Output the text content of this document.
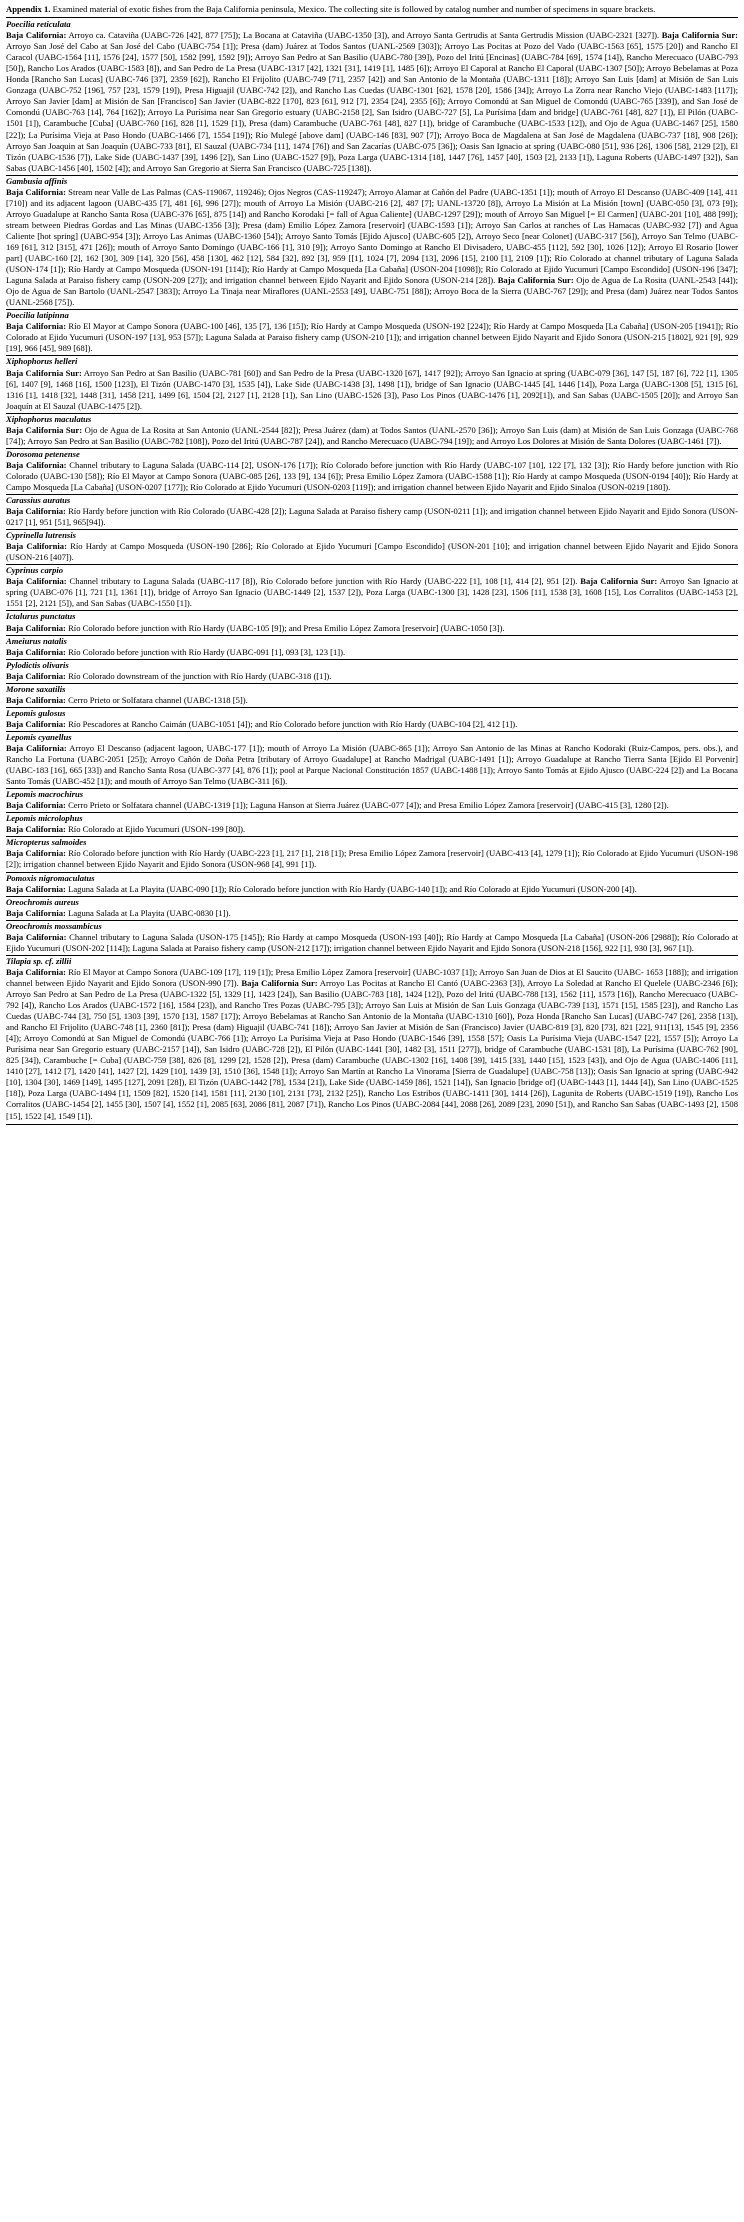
Appendix 1. Examined material of exotic fishes from the Baja California peninsula, Mexico. The collecting site is followed by catalog number and number of specimens in square brackets.

Poecilia reticulata
Baja California: Arroyo ca. Cataviña (UABC-726 [42], 877 [75]); La Bocana at Cataviña (UABC-1350 [3]), and Arroyo Santa Gertrudis at Santa Gertrudis Mission (UABC-2321 [327]). Baja California Sur: Arroyo San José del Cabo at San José del Cabo (UABC-754 [1]); Presa (dam) Juárez at Todos Santos (UANL-2569 [303]); Arroyo Las Pocitas at Pozo del Vado (UABC-1563 [65], 1575 [20]) and Rancho El Caracol (UABC-1564 [11], 1576 [24], 1577 [50], 1582 [99], 1592 [9]); Arroyo San Pedro at San Basilio (UABC-780 [39]), Pozo del Iritú [Encinas] (UABC-784 [69], 1574 [14]), Rancho Merecuaco (UABC-793 [50]), Rancho Los Arados (UABC-1583 [8]), and San Pedro de La Presa (UABC-1317 [42], 1321 [31], 1419 [1], 1485 [6]); Arroyo El Caporal at Rancho El Caporal (UABC-1307 [50]); Arroyo Bebelamas at Poza Honda [Rancho San Lucas] (UABC-746 [37], 2359 [62]), Rancho El Frijolito (UABC-749 [71], 2357 [42]) and San Antonio de la Montaña (UABC-1311 [18]); Arroyo San Luis [dam] at Misión de San Luis Gonzaga (UABC-752 [196], 757 [23], 1579 [19]), Presa Higuajil (UABC-742 [2]), and Rancho Las Cuedas (UABC-1301 [62], 1578 [20], 1586 [34]); Arroyo La Zorra near Rancho Viejo (UABC-1483 [117]); Arroyo San Javier [dam] at Misión de San [Francisco] San Javier (UABC-822 [170], 823 [61], 912 [7], 2354 [24], 2355 [6]); Arroyo Comondú at San Miguel de Comondú (UABC-765 [339]), and San José de Comondú (UABC-763 [14], 764 [162]); Arroyo La Purísima near San Gregorio estuary (UABC-2158 [2], San Isidro (UABC-727 [5], La Purísima [dam and bridge] (UABC-761 [48], 827 [1]), El Pilón (UABC-1501 [1]), Carambuche [Cuba] (UABC-760 [16], 828 [1], 1529 [1]), Presa (dam) Carambuche (UABC-761 [48], 827 [1]), bridge of Carambuche (UABC-1533 [12]), and Ojo de Agua (UABC-1467 [25], 1580 [22]); La Purísima Vieja at Paso Hondo (UABC-1466 [7], 1554 [19]); Río Mulegé [above dam] (UABC-146 [83], 907 [7]); Arroyo Boca de Magdalena at San José de Magdalena (UABC-737 [18], 908 [26]); Arroyo San Joaquin at San Joaquín (UABC-733 [81], El Sauzal (UABC-734 [11], 1474 [76]) and San Zacarías (UABC-075 [36]); Oasis San Ignacio at spring (UABC-080 [51], 936 [26], 1306 [58], 2129 [2]), El Tizón (UABC-1536 [7]), Lake Side (UABC-1437 [39], 1496 [2]), San Lino (UABC-1527 [9]), Poza Larga (UABC-1314 [18], 1447 [76], 1457 [40], 1503 [2], 2133 [1]), Laguna Roberts (UABC-1497 [32]), San Sabas (UABC-1456 [40], 1502 [4]); and Arroyo San Gregorio at Sierra San Francisco (UABC-725 [138]).
Gambusia affinis
Baja California: Stream near Valle de Las Palmas (CAS-119067, 119246); Ojos Negros (CAS-119247); Arroyo Alamar at Cañón del Padre (UABC-1351 [1]); mouth of Arroyo El Descanso (UABC-409 [14], 411 [710]) and its adjacent lagoon (UABC-435 [7], 481 [6], 996 [27]); mouth of Arroyo La Misión (UABC-216 [2], 487 [7]; UANL-13720 [8]), Arroyo La Misión at La Misión [town] (UABC-050 [3], 073 [9]); Arroyo Guadalupe at Rancho Santa Rosa (UABC-376 [65], 875 [14]) and Rancho Korodaki [= fall of Agua Caliente] (UABC-1297 [29]); mouth of Arroyo San Miguel [= El Carmen] (UABC-201 [10], 488 [99]); stream between Piedras Gordas and Las Minas (UABC-1356 [3]); Presa (dam) Emilio López Zamora [reservoir] (UABC-1593 [1]); Arroyo San Carlos at ranches of Las Hamacas (UABC-932 [7]) and Agua Caliente [hot spring] (UABC-954 [3]); Arroyo Las Animas (UABC-1360 [54]); Arroyo Santo Tomás [Ejido Ajusco] (UABC-605 [2]), Arroyo Seco [near Colonet] (UABC-317 [56]), Arroyo San Telmo (UABC-169 [61], 312 [315], 471 [26]); mouth of Arroyo Santo Domingo (UABC-166 [1], 310 [9]); Arroyo Santo Domingo at Rancho El Divisadero, UABC-455 [112], 592 [30], 1026 [12]); Arroyo El Rosario [lower part] (UABC-160 [2], 162 [30], 309 [14], 320 [56], 458 [130], 462 [12], 584 [32], 892 [3], 959 [[1], 1024 [7], 2094 [13], 2096 [15], 2100 [1], 2109 [1]); Río Colorado at channel tributary of Laguna Salada (USON-174 [1]); Río Hardy at Campo Mosqueda (USON-191 [114]); Río Hardy at Campo Mosqueda [La Cabaña] (USON-204 [1098]); Río Colorado at Ejido Yucumuri [Campo Escondido] (USON-196 [347]; Laguna Salada at Paraiso fishery camp (USON-209 [27]); and irrigation channel between Ejido Nayarit and Ejido Sonora (USON-214 [28]). Baja California Sur: Ojo de Agua de La Rosita (UANL-2543 [44]); Ojo de Agua de San Bartolo (UANL-2547 [383]); Arroyo La Tinaja near Miraflores (UANL-2553 [49], UABC-751 [88]); Arroyo Boca de la Sierra (UABC-767 [29]); and Presa (dam) Juárez near Todos Santos (UANL-2568 [75]).
Poecilia latipinna
Baja California: Río El Mayor at Campo Sonora (UABC-100 [46], 135 [7], 136 [15]); Río Hardy at Campo Mosqueda (USON-192 [224]); Río Hardy at Campo Mosqueda [La Cabaña] (USON-205 [1941]); Río Colorado at Ejido Yucumuri (USON-197 [13], 953 [57]); Laguna Salada at Paraiso fishery camp (USON-210 [1]); and irrigation channel between Ejido Nayarit and Ejido Sonora (USON-215 [1802], 921 [9], 929 [19], 966 [45], 989 [68]).
Xiphophorus helleri
Baja California Sur: Arroyo San Pedro at San Basilio (UABC-781 [60]) and San Pedro de la Presa (UABC-1320 [67], 1417 [92]); Arroyo San Ignacio at spring (UABC-079 [36], 147 [5], 187 [6], 722 [1], 1305 [6], 1407 [9], 1468 [16], 1500 [123]), El Tizón (UABC-1470 [3], 1535 [4]), Lake Side (UABC-1438 [3], 1498 [1]), bridge of San Ignacio (UABC-1445 [4], 1446 [14]), Poza Larga (UABC-1308 [5], 1315 [6], 1316 [1], 1418 [32], 1448 [31], 1458 [21], 1499 [6], 1504 [2], 2127 [1], 2128 [1]), San Lino (UABC-1526 [3]), Paso Los Pinos (UABC-1476 [1], 2092[1]), and San Sabas (UABC-1505 [20]); and Arroyo San Joaquín at El Sauzal (UABC-1475 [2]).
Xiphophorus maculatus
Baja California Sur: Ojo de Agua de La Rosita at San Antonio (UANL-2544 [82]); Presa Juárez (dam) at Todos Santos (UANL-2570 [36]); Arroyo San Luis (dam) at Misión de San Luis Gonzaga (UABC-768 [74]); Arroyo San Pedro at San Basilio (UABC-782 [108]), Pozo del Iritú (UABC-787 [24]), and Rancho Merecuaco (UABC-794 [19]); and Arroyo Los Dolores at Misión de Santa Dolores (UABC-1461 [7]).
Dorosoma petenense
Baja California: Channel tributary to Laguna Salada (UABC-114 [2], USON-176 [17]); Río Colorado before junction with Río Hardy (UABC-107 [10], 122 [7], 132 [3]); Río Hardy before junction with Río Colorado (UABC-130 [58]); Río El Mayor at Campo Sonora (UABC-085 [26], 133 [9], 134 [6]); Presa Emilio López Zamora (UABC-1588 [1]); Río Hardy at campo Mosqueda (USON-0194 [40]); Río Hardy at Campo Mosqueda [La Cabaña] (USON-0207 [177]); Río Colorado at Ejido Yucumuri (USON-0203 [119]); and irrigation channel between Ejido Nayarit and Ejido Sinaloa (USON-0219 [180]).
Carassius auratus
Baja California: Río Hardy before junction with Río Colorado (UABC-428 [2]); Laguna Salada at Paraiso fishery camp (USON-0211 [1]); and irrigation channel between Ejido Nayarit and Ejido Sonora (USON-0217 [1], 951 [51], 965[94]).
Cyprinella lutrensis
Baja California: Río Hardy at Campo Mosqueda (USON-190 [286]; Río Colorado at Ejido Yucumuri [Campo Escondido] (USON-201 [10]; and irrigation channel between Ejido Nayarit and Ejido Sonora (USON-216 [407]).
Cyprinus carpio
Baja California: Channel tributary to Laguna Salada (UABC-117 [8]), Río Colorado before junction with Río Hardy (UABC-222 [1], 108 [1], 414 [2], 951 [2]). Baja California Sur: Arroyo San Ignacio at spring (UABC-076 [1], 721 [1], 1361 [1]), bridge of Arroyo San Ignacio (UABC-1449 [2], 1537 [2]), Poza Larga (UABC-1300 [3], 1428 [23], 1506 [11], 1538 [3], 1608 [15], Los Corralitos (UABC-1453 [2], 1551 [2], 2121 [5]), and San Sabas (UABC-1550 [1]).
Ictalurus punctatus
Baja California: Río Colorado before junction with Río Hardy (UABC-105 [9]); and Presa Emilio López Zamora [reservoir] (UABC-1050 [3]).
Ameiurus natalis
Baja California: Río Colorado before junction with Río Hardy (UABC-091 [1], 093 [3], 123 [1]).
Pylodictis olivaris
Baja California: Río Colorado downstream of the junction with Río Hardy (UABC-318 ([1]).
Morone saxatilis
Baja California: Cerro Prieto or Solfatara channel (UABC-1318 [5]).
Lepomis gulosus
Baja California: Río Pescadores at Rancho Caimán (UABC-1051 [4]); and Río Colorado before junction with Río Hardy (UABC-104 [2], 412 [1]).
Lepomis cyanellus
Baja California: Arroyo El Descanso (adjacent lagoon, UABC-177 [1]); mouth of Arroyo La Misión (UABC-865 [1]); Arroyo San Antonio de las Minas at Rancho Kodoraki (Ruiz-Campos, pers. obs.), and Rancho La Fortuna (UABC-2051 [25]); Arroyo Cañón de Doña Petra [tributary of Arroyo Guadalupe] at Rancho Madrigal (UABC-1491 [1]); Arroyo Guadalupe at Rancho Tierra Santa [Ejido El Porvenir] (UABC-183 [16], 665 [33]) and Rancho Santa Rosa (UABC-377 [4], 876 [1]); pool at Parque Nacional Constitución 1857 (UABC-1488 [1]); Arroyo Santo Tomás at Ejido Ajusco (UABC-224 [2]) and La Bocana Santo Tomás (UABC-452 [1]); and mouth of Arroyo San Telmo (UABC-311 [6]).
Lepomis macrochirus
Baja California: Cerro Prieto or Solfatara channel (UABC-1319 [1]); Laguna Hanson at Sierra Juárez (UABC-077 [4]); and Presa Emilio López Zamora [reservoir] (UABC-415 [3], 1280 [2]).
Lepomis microlophus
Baja California: Río Colorado at Ejido Yucumuri (USON-199 [80]).
Micropterus salmoides
Baja California: Río Colorado before junction with Río Hardy (UABC-223 [1], 217 [1], 218 [1]); Presa Emilio López Zamora [reservoir] (UABC-413 [4], 1279 [1]); Río Colorado at Ejido Yucumuri (USON-198 [2]); irrigation channel between Ejido Nayarit and Ejido Sonora (USON-968 [4], 991 [1]).
Pomoxis nigromaculatus
Baja California: Laguna Salada at La Playita (UABC-090 [1]); Río Colorado before junction with Río Hardy (UABC-140 [1]); and Río Colorado at Ejido Yucumuri (USON-200 [4]).
Oreochromis aureus
Baja California: Laguna Salada at La Playita (UABC-0830 [1]).
Oreochromis mossambicus
Baja California: Channel tributary to Laguna Salada (USON-175 [145]); Río Hardy at campo Mosqueda (USON-193 [40]); Río Hardy at Campo Mosqueda [La Cabaña] (USON-206 [2988]); Río Colorado at Ejido Yucumuri (USON-202 [114]); Laguna Salada at Paraiso fishery camp (USON-212 [17]); irrigation channel between Ejido Nayarit and Ejido Sonora (USON-218 [156], 922 [1], 930 [3], 967 [1]).
Tilapia sp. cf. zillii
Baja California: Río El Mayor at Campo Sonora (UABC-109 [17], 119 [1]); Presa Emilio López Zamora [reservoir] (UABC-1037 [1]); Arroyo San Juan de Dios at El Saucito (UABC- 1653 [188]); and irrigation channel between Ejido Nayarit and Ejido Sonora (USON-990 [7]). Baja California Sur: Arroyo Las Pocitas at Rancho El Cantó (UABC-2363 [3]), Arroyo La Soledad at Rancho El Quelele (UABC-2346 [6]); Arroyo San Pedro at San Pedro de La Presa (UABC-1322 [5], 1329 [1], 1423 [24]), San Basilio (UABC-783 [18], 1424 [12]), Pozo del Iritú (UABC-788 [13], 1562 [11], 1573 [16]), Rancho Merecuaco (UABC-792 [4]), Rancho Los Arados (UABC-1572 [16], 1584 [23]), and Rancho Tres Pozas (UABC-795 [3]); Arroyo San Luis at Misión de San Luis Gonzaga (UABC-739 [13], 1571 [15], 1585 [23]), and Rancho Las Cuedas (UABC-744 [3], 750 [5], 1303 [39], 1570 [13], 1587 [17]); Arroyo Bebelamas at Rancho San Antonio de la Montaña (UABC-1310 [60]), Poza Honda [Rancho San Lucas] (UABC-747 [26], 2358 [13]), and Rancho El Frijolito (UABC-748 [1], 2360 [81]); Presa (dam) Higuajil (UABC-741 [18]); Arroyo San Javier at Misión de San (Francisco) Javier (UABC-819 [3], 820 [73], 821 [22], 911[13], 1545 [9], 2356 [4]); Arroyo Comondú at San Miguel de Comondú (UABC-766 [1]); Arroyo La Purísima Vieja at Paso Hondo (UABC-1546 [39], 1558 [57]; Oasis La Purísima Vieja (UABC-1547 [22], 1557 [5]); Arroyo La Purísima near San Gregorio estuary (UABC-2157 [14]), San Isidro (UABC-728 [2]), El Pilón (UABC-1441 [30], 1482 [3], 1511 [277]), bridge of Carambuche (UABC-1531 [8]), La Purísima (UABC-762 [90], 825 [34]), Carambuche [= Cuba] (UABC-759 [38], 826 [8], 1299 [2], 1528 [2]), Presa (dam) Carambuche (UABC-1302 [16], 1408 [39], 1415 [33], 1440 [15], 1523 [43]), and Ojo de Agua (UABC-1406 [11], 1410 [27], 1412 [7], 1420 [41], 1427 [2], 1429 [10], 1439 [3], 1510 [36], 1548 [1]); Arroyo San Martín at Rancho La Vinorama [Sierra de Guadalupe] (UABC-758 [13]); Oasis San Ignacio at spring (UABC-942 [10], 1304 [30], 1469 [149], 1495 [127], 2091 [28]), El Tizón (UABC-1442 [78], 1534 [21]), Lake Side (UABC-1459 [86], 1521 [14]), San Ignacio [bridge of] (UABC-1443 [1], 1444 [4]), San Lino (UABC-1525 [18]), Poza Larga (UABC-1494 [1], 1509 [82], 1520 [14], 1581 [11], 2130 [10], 2131 [73], 2132 [25]), Rancho Los Estribos (UABC-1411 [30], 1414 [26]), Lagunita de Roberts (UABC-1519 [19]), Rancho Los Corralitos (UABC-1454 [2], 1455 [30], 1507 [4], 1552 [1], 2085 [63], 2086 [81], 2087 [71]), Rancho Los Pinos (UABC-2084 [44], 2088 [26], 2089 [23], 2090 [51]), and Rancho San Sabas (UABC-1493 [2], 1508 [15], 1522 [4], 1549 [1]).
